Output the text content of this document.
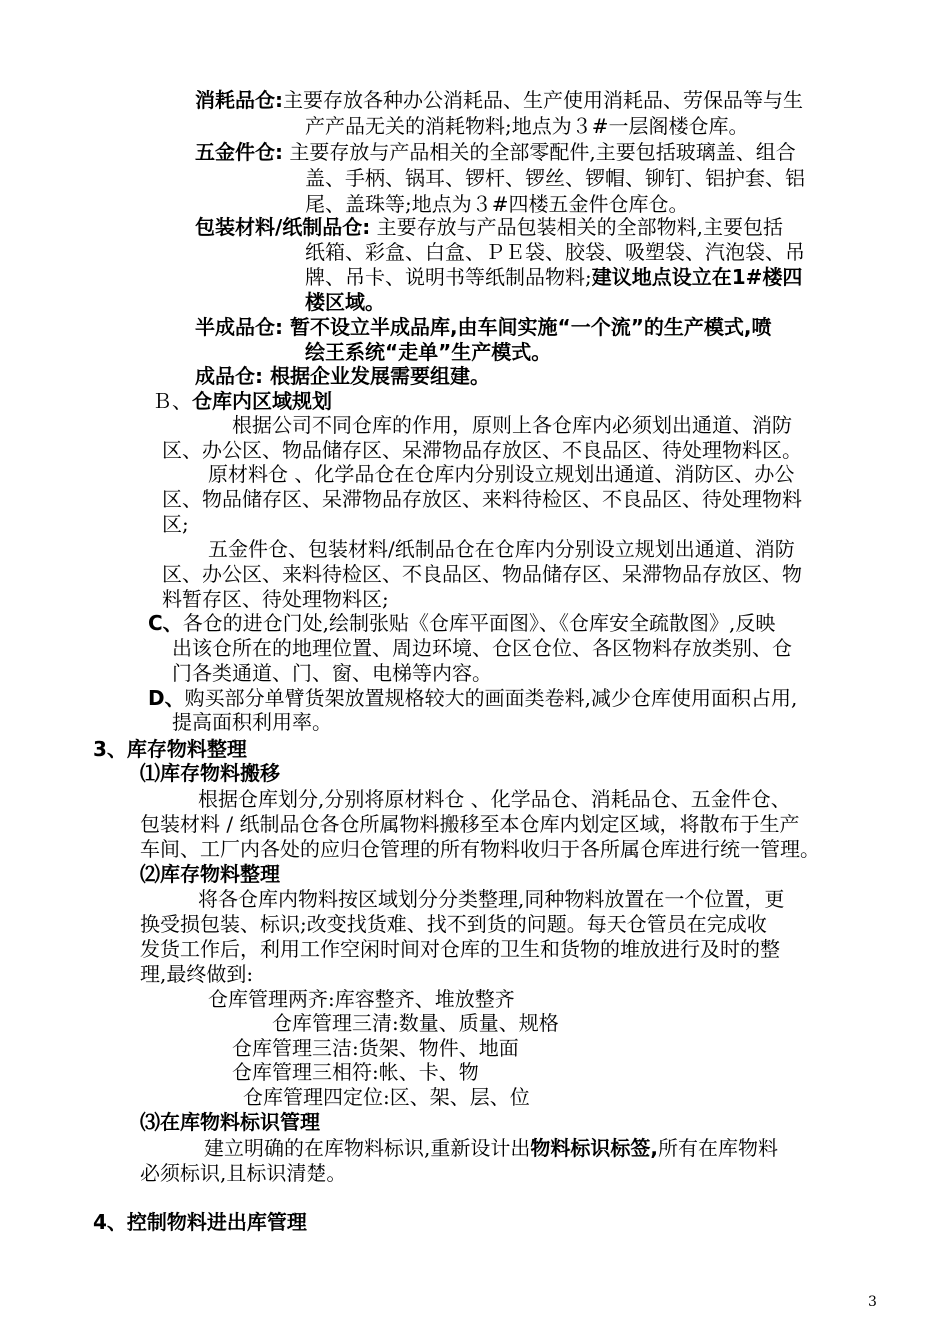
消耗品仓:主要存放各种办公消耗品、生产使用消耗品、劳保品等与生
产产品无关的消耗物料;地点为３#一层阁楼仓库。
五金件仓: 主要存放与产品相关的全部零配件,主要包括玻璃盖、组合
盖、手柄、锅耳、锣杆、锣丝、锣帽、铆钉、铝护套、铝
尾、盖珠等;地点为３#四楼五金件仓库仓。
包装材料/纸制品仓: 主要存放与产品包装相关的全部物料,主要包括
纸箱、彩盒、白盒、ＰＥ袋、胶袋、吸塑袋、汽泡袋、吊
牌、吊卡、说明书等纸制品物料;建议地点设立在1#楼四
楼区域。
半成品仓: 暂不设立半成品库,由车间实施“一个流”的生产模式,喷
绘王系统“走单”生产模式。
成品仓: 根据企业发展需要组建。
Ｂ、仓库内区域规划
根据公司不同仓库的作用，原则上各仓库内必须划出通道、消防
区、办公区、物品储存区、呆滞物品存放区、不良品区、待处理物料区。
原材料仓 、化学品仓在仓库内分别设立规划出通道、消防区、办公
区、物品储存区、呆滞物品存放区、来料待检区、不良品区、待处理物料
区;
五金件仓、包装材料/纸制品仓在仓库内分别设立规划出通道、消防
区、办公区、来料待检区、不良品区、物品储存区、呆滞物品存放区、物
料暂存区、待处理物料区;
C、各仓的进仓门处,绘制张贴《仓库平面图》、《仓库安全疏散图》,反映
出该仓所在的地理位置、周边环境、仓区仓位、各区物料存放类别、仓
门各类通道、门、窗、电梯等内容。
D、购买部分单臂货架放置规格较大的画面类卷料,减少仓库使用面积占用,
提高面积利用率。
3、库存物料整理
⑴库存物料搬移
根据仓库划分,分别将原材料仓 、化学品仓、消耗品仓、五金件仓、
包装材料 / 纸制品仓各仓所属物料搬移至本仓库内划定区域，将散布于生产
车间、工厂内各处的应归仓管理的所有物料收归于各所属仓库进行统一管理。
⑵库存物料整理
将各仓库内物料按区域划分分类整理,同种物料放置在一个位置，更
换受损包装、标识;改变找货难、找不到货的问题。每天仓管员在完成收
发货工作后，利用工作空闲时间对仓库的卫生和货物的堆放进行及时的整
理,最终做到:
仓库管理两齐:库容整齐、堆放整齐
仓库管理三清:数量、质量、规格
仓库管理三洁:货架、物件、地面
仓库管理三相符:帐、卡、物
仓库管理四定位:区、架、层、位
⑶在库物料标识管理
建立明确的在库物料标识,重新设计出物料标识标签,所有在库物料
必须标识,且标识清楚。
4、控制物料进出库管理
3
